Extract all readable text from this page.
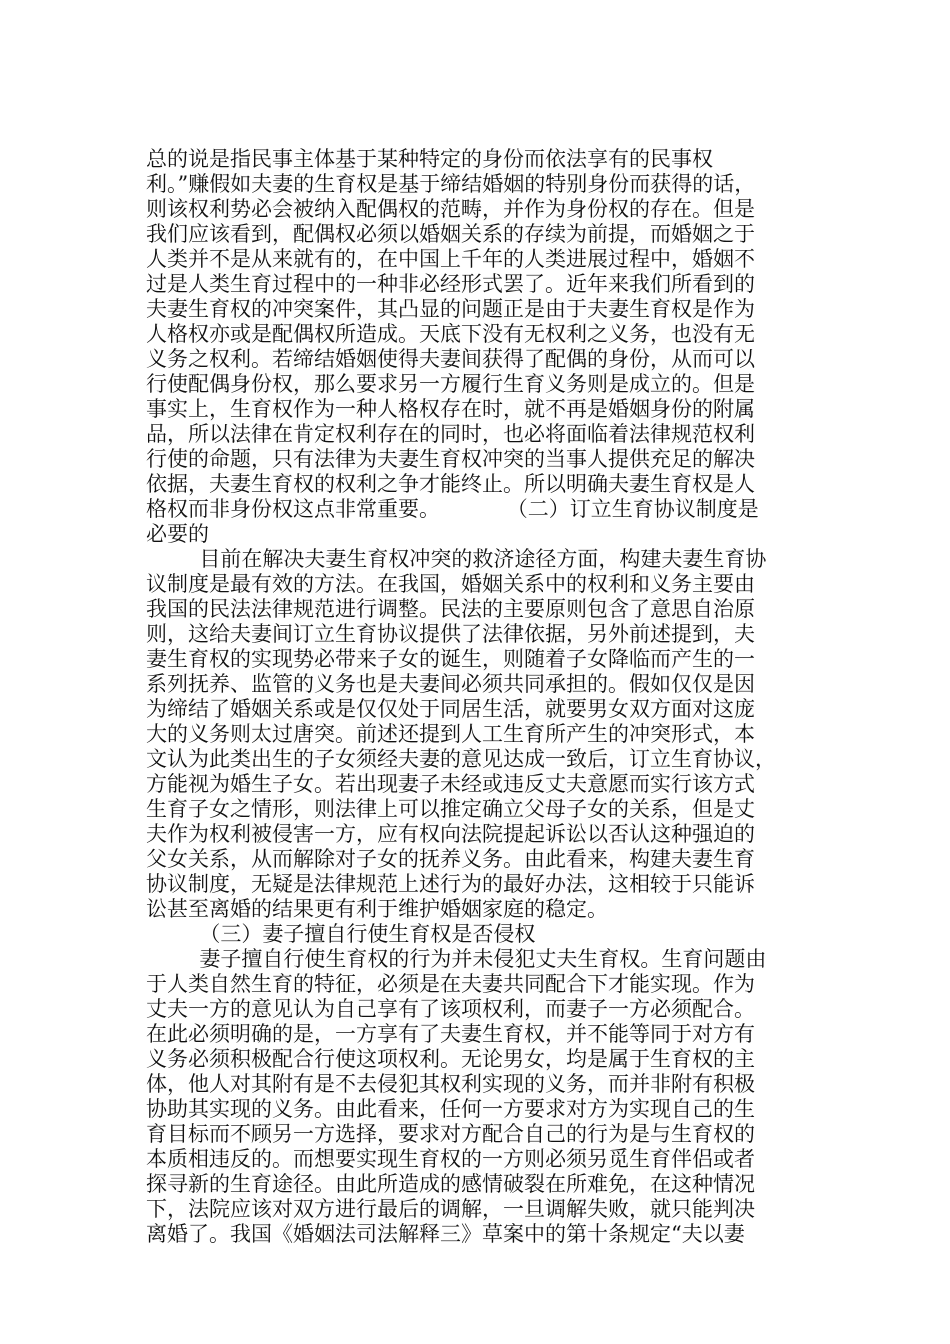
总的说是指民事主体基于某种特定的身份而依法享有的民事权
利。”赚假如夫妻的生育权是基于缔结婚姻的特别身份而获得的话，
则该权利势必会被纳入配偶权的范畴，并作为身份权的存在。但是
我们应该看到，配偶权必须以婚姻关系的存续为前提，而婚姻之于
人类并不是从来就有的，在中国上千年的人类进展过程中，婚姻不
过是人类生育过程中的一种非必经形式罢了。近年来我们所看到的
夫妻生育权的冲突案件，其凸显的问题正是由于夫妻生育权是作为
人格权亦或是配偶权所造成。天底下没有无权利之义务，也没有无
义务之权利。若缔结婚姻使得夫妻间获得了配偶的身份，从而可以
行使配偶身份权，那么要求另一方履行生育义务则是成立的。但是
事实上，生育权作为一种人格权存在时，就不再是婚姻身份的附属
品，所以法律在肯定权利存在的同时，也必将面临着法律规范权利
行使的命题，只有法律为夫妻生育权冲突的当事人提供充足的解决
依据，夫妻生育权的权利之争才能终止。所以明确夫妻生育权是人
格权而非身份权这点非常重要。          （二）订立生育协议制度是
必要的
目前在解决夫妻生育权冲突的救济途径方面，构建夫妻生育协
议制度是最有效的方法。在我国，婚姻关系中的权利和义务主要由
我国的民法法律规范进行调整。民法的主要原则包含了意思自治原
则，这给夫妻间订立生育协议提供了法律依据，另外前述提到，夫
妻生育权的实现势必带来子女的诞生，则随着子女降临而产生的一
系列抚养、监管的义务也是夫妻间必须共同承担的。假如仅仅是因
为缔结了婚姻关系或是仅仅处于同居生活，就要男女双方面对这庞
大的义务则太过唐突。前述还提到人工生育所产生的冲突形式，本
文认为此类出生的子女须经夫妻的意见达成一致后，订立生育协议，
方能视为婚生子女。若出现妻子未经或违反丈夫意愿而实行该方式
生育子女之情形，则法律上可以推定确立父母子女的关系，但是丈
夫作为权利被侵害一方，应有权向法院提起诉讼以否认这种强迫的
父女关系，从而解除对子女的抚养义务。由此看来，构建夫妻生育
协议制度，无疑是法律规范上述行为的最好办法，这相较于只能诉
讼甚至离婚的结果更有利于维护婚姻家庭的稳定。
（三）妻子擅自行使生育权是否侵权
妻子擅自行使生育权的行为并未侵犯丈夫生育权。生育问题由
于人类自然生育的特征，必须是在夫妻共同配合下才能实现。作为
丈夫一方的意见认为自己享有了该项权利，而妻子一方必须配合。
在此必须明确的是，一方享有了夫妻生育权，并不能等同于对方有
义务必须积极配合行使这项权利。无论男女，均是属于生育权的主
体，他人对其附有是不去侵犯其权利实现的义务，而并非附有积极
协助其实现的义务。由此看来，任何一方要求对方为实现自己的生
育目标而不顾另一方选择，要求对方配合自己的行为是与生育权的
本质相违反的。而想要实现生育权的一方则必须另觅生育伴侣或者
探寻新的生育途径。由此所造成的感情破裂在所难免，在这种情况
下，法院应该对双方进行最后的调解，一旦调解失败，就只能判决
离婚了。我国《婚姻法司法解释三》草案中的第十条规定“夫以妻
